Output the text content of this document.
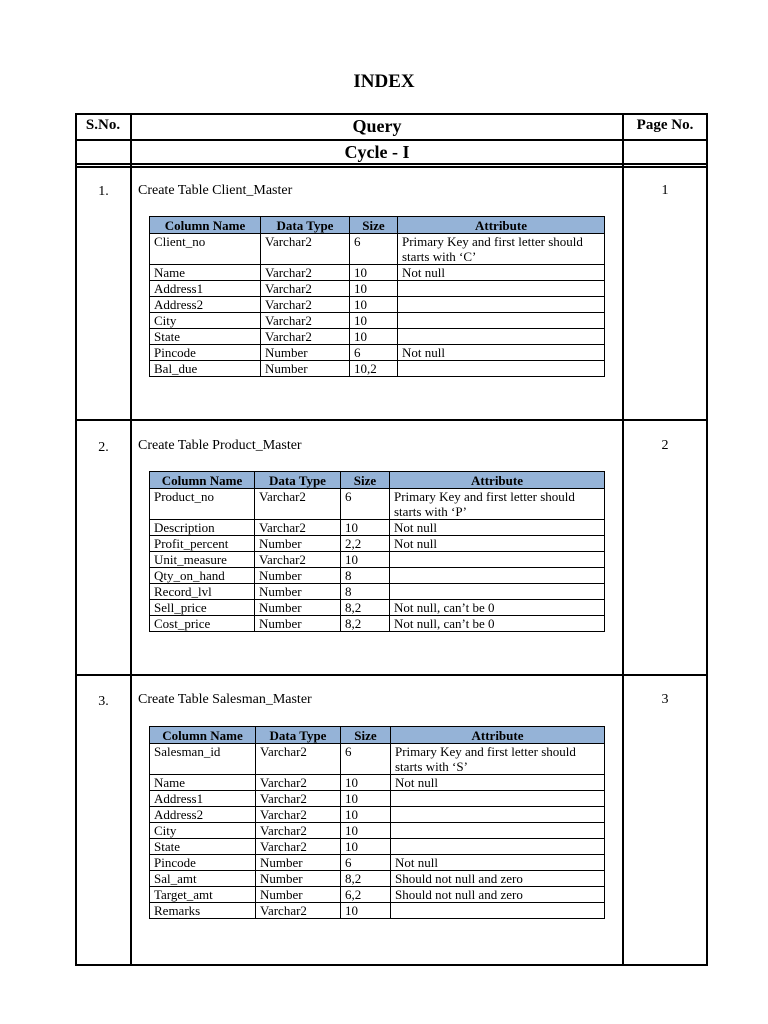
INDEX
S.No.	Query	Page No.
Cycle - I
1.	Create Table Client_Master	1
Column Name	Data Type	Size	Attribute
Client_no	Varchar2	6	Primary Key and first letter should starts with ‘C’
Name	Varchar2	10	Not null
Address1	Varchar2	10	
Address2	Varchar2	10	
City	Varchar2	10	
State	Varchar2	10	
Pincode	Number	6	Not null
Bal_due	Number	10,2	
2.	Create Table Product_Master	2
Column Name	Data Type	Size	Attribute
Product_no	Varchar2	6	Primary Key and first letter should starts with ‘P’
Description	Varchar2	10	Not null
Profit_percent	Number	2,2	Not null
Unit_measure	Varchar2	10	
Qty_on_hand	Number	8	
Record_lvl	Number	8	
Sell_price	Number	8,2	Not null, can’t be 0
Cost_price	Number	8,2	Not null, can’t be 0
3.	Create Table Salesman_Master	3
Column Name	Data Type	Size	Attribute
Salesman_id	Varchar2	6	Primary Key and first letter should starts with ‘S’
Name	Varchar2	10	Not null
Address1	Varchar2	10	
Address2	Varchar2	10	
City	Varchar2	10	
State	Varchar2	10	
Pincode	Number	6	Not null
Sal_amt	Number	8,2	Should not null and zero
Target_amt	Number	6,2	Should not null and zero
Remarks	Varchar2	10	
